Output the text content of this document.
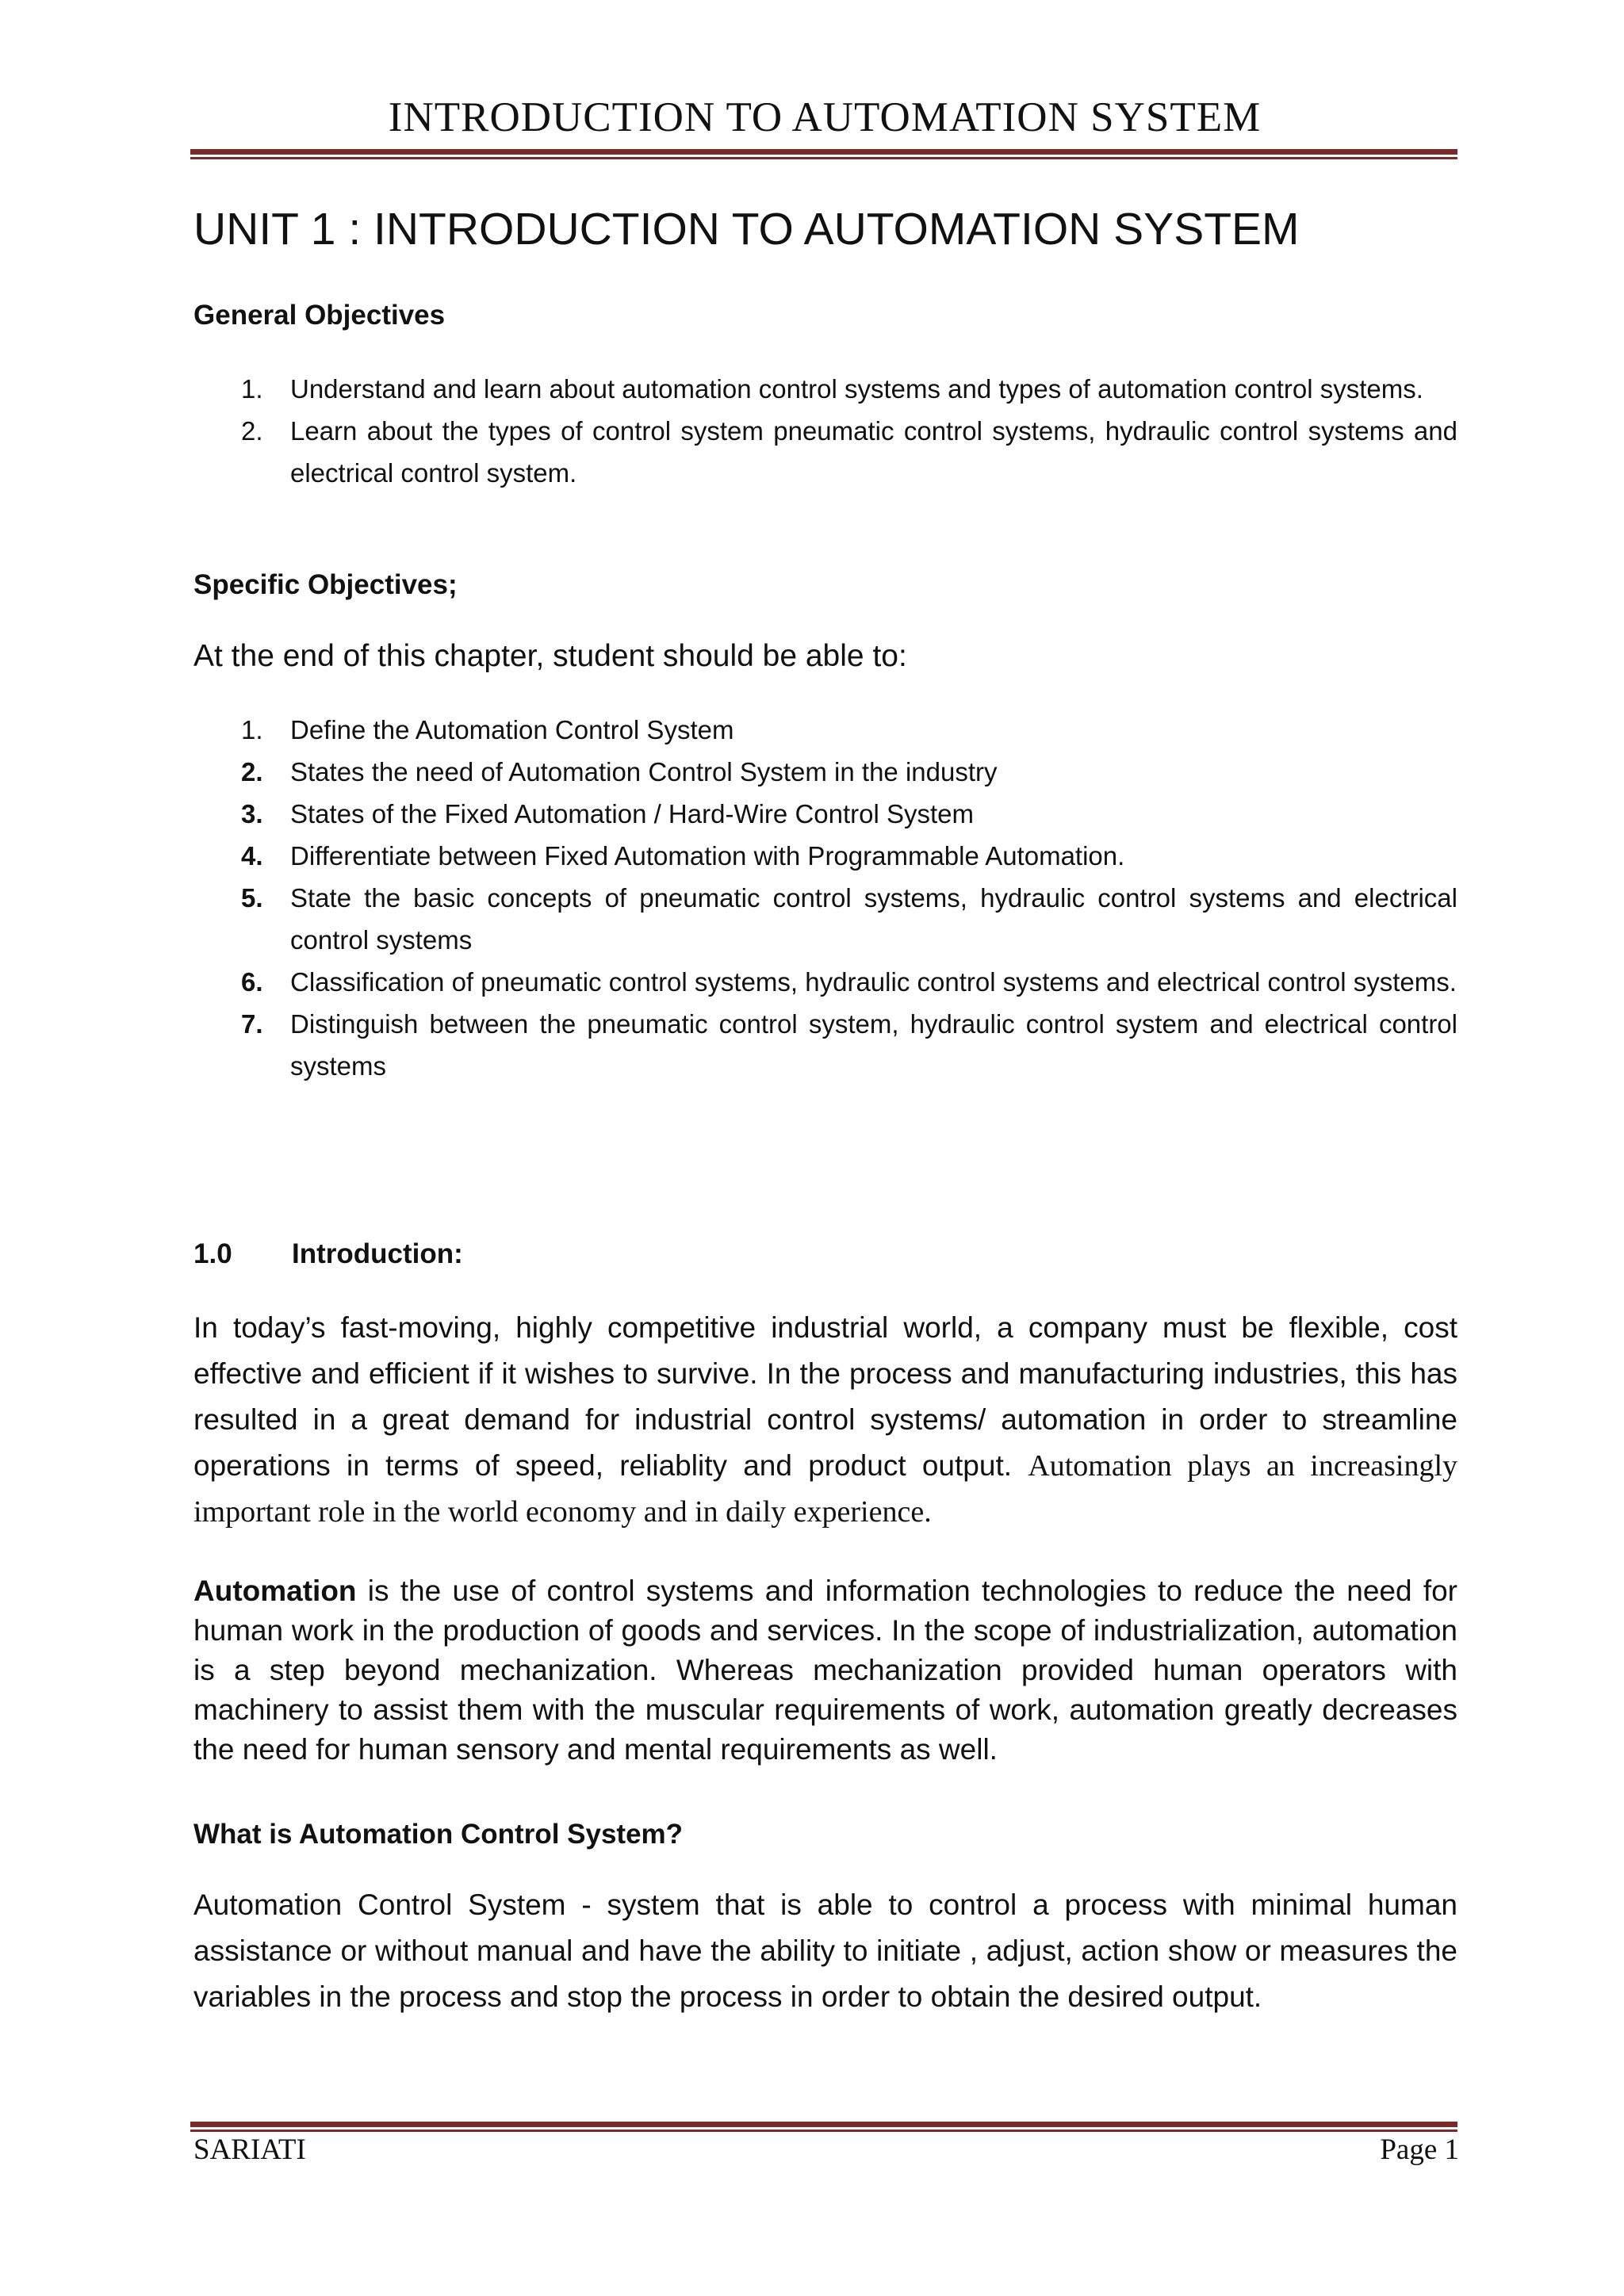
INTRODUCTION TO AUTOMATION SYSTEM
UNIT 1 : INTRODUCTION TO AUTOMATION SYSTEM
General Objectives
1. Understand and learn about automation control systems and types of automation control systems.
2. Learn about the types of control system pneumatic control systems, hydraulic control systems and electrical control system.
Specific Objectives;
At the end of this chapter, student should be able to:
1. Define the Automation Control System
2. States the need of Automation Control System in the industry
3. States of the Fixed Automation / Hard-Wire Control System
4. Differentiate between Fixed Automation with Programmable Automation.
5. State the basic concepts of pneumatic control systems, hydraulic control systems and electrical control systems
6. Classification of pneumatic control systems, hydraulic control systems and electrical control systems.
7. Distinguish between the pneumatic control system, hydraulic control system and electrical control systems
1.0 Introduction:

In today’s fast-moving, highly competitive industrial world, a company must be flexible, cost effective and efficient if it wishes to survive. In the process and manufacturing industries, this has resulted in a great demand for industrial control systems/ automation in order to streamline operations in terms of speed, reliablity and product output. Automation plays an increasingly important role in the world economy and in daily experience.

Automation is the use of control systems and information technologies to reduce the need for human work in the production of goods and services. In the scope of industrialization, automation is a step beyond mechanization. Whereas mechanization provided human operators with machinery to assist them with the muscular requirements of work, automation greatly decreases the need for human sensory and mental requirements as well.

What is Automation Control System?

Automation Control System - system that is able to control a process with minimal human assistance or without manual and have the ability to initiate , adjust, action show or measures the variables in the process and stop the process in order to obtain the desired output.

SARIATI	Page 1
